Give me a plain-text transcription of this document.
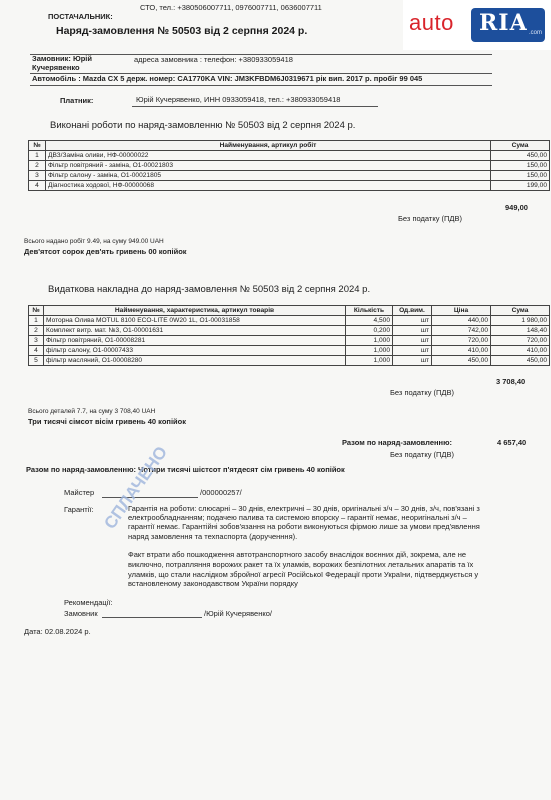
ПОСТАЧАЛЬНИК:
СТО, тел.: +380506007711, 0976007711, 0636007711
auto RIA .com
Наряд-замовлення № 50503 від 2 серпня 2024 р.
Замовник: Юрій Кучерявенко
адреса замовника : телефон: +380933059418
Автомобіль : Mazda CX 5 держ. номер: CA1770KA VIN: JM3KFBDM6J0319671 рік вип. 2017 р. пробіг 99 045
Платник:	Юрій Кучерявенко, ИНН 0933059418, тел.: +380933059418
Виконані роботи по наряд-замовленню № 50503 від 2 серпня 2024 р.
№	Найменування, артикул робіт	Сума
1	ДВЗ/Заміна оливи, НФ-00000022	450,00
2	Фільтр повітряний - заміна, О1-00021803	150,00
3	Фільтр салону - заміна, О1-00021805	150,00
4	Діагностика ходової, НФ-00000068	199,00
949,00
Без податку (ПДВ)
Всього надано робіт 9.49, на суму 949.00 UAH
Дев'ятсот сорок дев'ять гривень 00 копійок
Видаткова накладна до наряд-замовлення № 50503 від 2 серпня 2024 р.
№	Найменування, характеристика, артикул товарів	Кількість	Од.вим.	Ціна	Сума
1	Моторна Олива MOTUL 8100 ECO-LITE 0W20 1L, О1-00031858	4,500	шт	440,00	1 980,00
2	Комплект витр. мат. №3, О1-00001631	0,200	шт	742,00	148,40
3	Фільтр повітряний, О1-00008281	1,000	шт	720,00	720,00
4	фільтр салону, О1-00007433	1,000	шт	410,00	410,00
5	фільтр масляний, О1-00008280	1,000	шт	450,00	450,00
3 708,40
Без податку (ПДВ)
Всього деталей 7.7, на суму 3 708,40 UAH
Три тисячі сімсот вісім гривень 40 копійок
Разом по наряд-замовленню:	4 657,40
Без податку (ПДВ)
Разом по наряд-замовленню: Чотири тисячі шістсот п'ятдесят сім гривень 40 копійок
Майстер	/000000257/
Гарантії:	Гарантія на роботи: слюсарні – 30 днів, електричні – 30 днів, оригінальні з/ч – 30 днів, з/ч, пов'язані з
електрообладнанням; подачею палива та системою впорску – гарантії немає, неоригінальні з/ч –
гарантії немає. Гарантійні зобов'язання на роботи виконуються фірмою лише за умови пред'явлення
наряд замовлення та техпаспорта (дорученння).
Факт втрати або пошкодження автотранспортного засобу внаслідок воєнних дій, зокрема, але не
виключно, потрапляння ворожих ракет та їх уламків, ворожих безпілотних летальних апаратів та їх
уламків, що стали наслідком збройної агресії Російської Федерації проти України, підтверджується у
встановленому законодавством України порядку
Рекомендації:
Замовник	/Юрій Кучерявенко/
Дата: 02.08.2024 р.
СПЛАЧЕНО
